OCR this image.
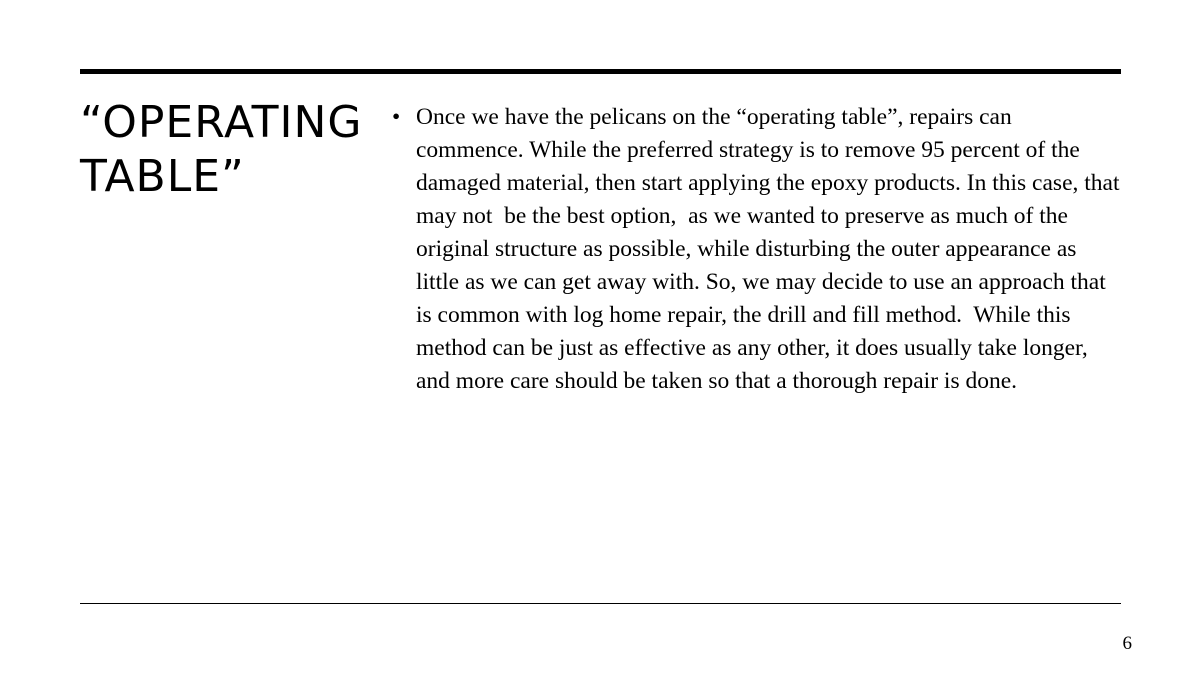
“OPERATING
TABLE”
• Once we have the pelicans on the “operating table”, repairs can commence. While the preferred strategy is to remove 95 percent of the damaged material, then start applying the epoxy products. In this case, that may not  be the best option,  as we wanted to preserve as much of the original structure as possible, while disturbing the outer appearance as little as we can get away with. So, we may decide to use an approach that is common with log home repair, the drill and fill method.  While this method can be just as effective as any other, it does usually take longer, and more care should be taken so that a thorough repair is done.
6
